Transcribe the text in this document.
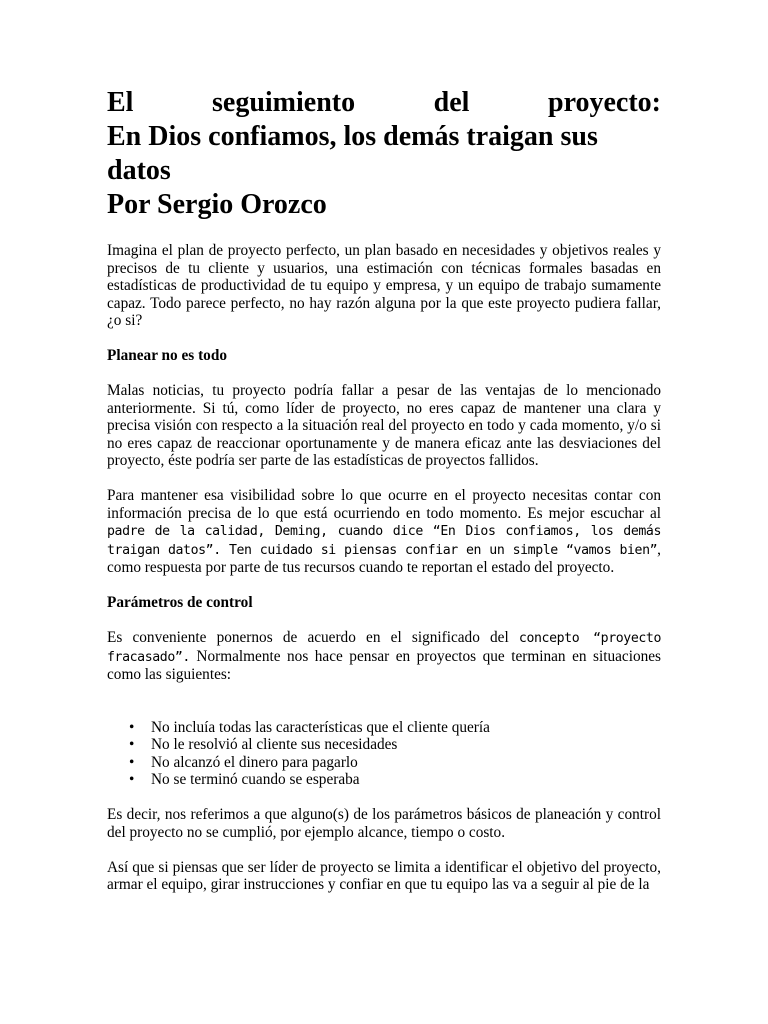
El seguimiento del proyecto:
En Dios confiamos, los demás traigan sus
datos
Por Sergio Orozco

Imagina el plan de proyecto perfecto, un plan basado en necesidades y objetivos reales y precisos de tu cliente y usuarios, una estimación con técnicas formales basadas en estadísticas de productividad de tu equipo y empresa, y un equipo de trabajo sumamente capaz. Todo parece perfecto, no hay razón alguna por la que este proyecto pudiera fallar, ¿o si?

Planear no es todo

Malas noticias, tu proyecto podría fallar a pesar de las ventajas de lo mencionado anteriormente. Si tú, como líder de proyecto, no eres capaz de mantener una clara y precisa visión con respecto a la situación real del proyecto en todo y cada momento, y/o si no eres capaz de reaccionar oportunamente y de manera eficaz ante las desviaciones del proyecto, éste podría ser parte de las estadísticas de proyectos fallidos.

Para mantener esa visibilidad sobre lo que ocurre en el proyecto necesitas contar con información precisa de lo que está ocurriendo en todo momento. Es mejor escuchar al padre de la calidad, Deming, cuando dice “En Dios confiamos, los demás traigan datos”. Ten cuidado si piensas confiar en un simple “vamos bien”, como respuesta por parte de tus recursos cuando te reportan el estado del proyecto.

Parámetros de control

Es conveniente ponernos de acuerdo en el significado del concepto “proyecto fracasado”. Normalmente nos hace pensar en proyectos que terminan en situaciones como las siguientes:

• No incluía todas las características que el cliente quería
• No le resolvió al cliente sus necesidades
• No alcanzó el dinero para pagarlo
• No se terminó cuando se esperaba

Es decir, nos referimos a que alguno(s) de los parámetros básicos de planeación y control del proyecto no se cumplió, por ejemplo alcance, tiempo o costo.

Así que si piensas que ser líder de proyecto se limita a identificar el objetivo del proyecto, armar el equipo, girar instrucciones y confiar en que tu equipo las va a seguir al pie de la
